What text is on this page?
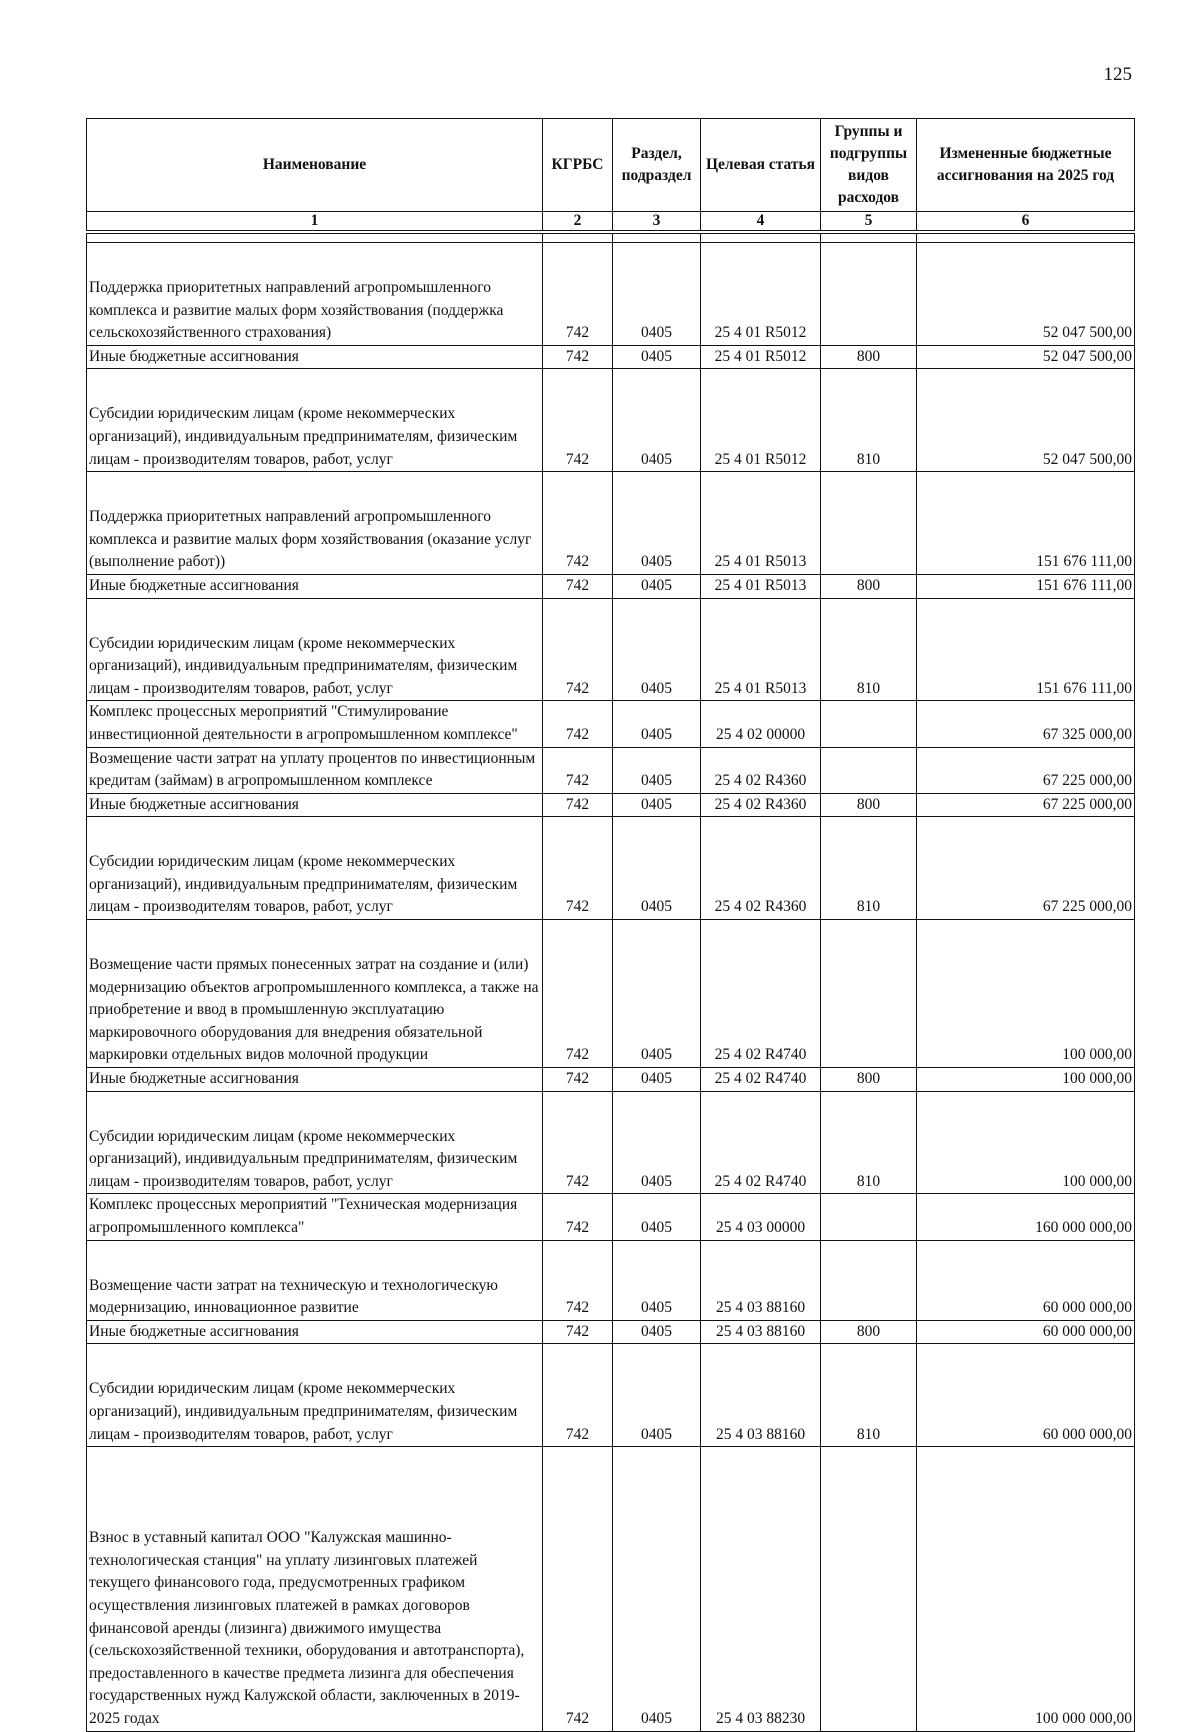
125
Наименование	КГРБС	Раздел, подраздел	Целевая статья	Группы и подгруппы видов расходов	Измененные бюджетные ассигнования на 2025 год
1	2	3	4	5	6

Поддержка приоритетных направлений агропромышленного комплекса и развитие малых форм хозяйствования (поддержка сельскохозяйственного страхования)	742	0405	25 4 01 R5012		52 047 500,00
Иные бюджетные ассигнования	742	0405	25 4 01 R5012	800	52 047 500,00
Субсидии юридическим лицам (кроме некоммерческих организаций), индивидуальным предпринимателям, физическим лицам - производителям товаров, работ, услуг	742	0405	25 4 01 R5012	810	52 047 500,00
Поддержка приоритетных направлений агропромышленного комплекса и развитие малых форм хозяйствования (оказание услуг (выполнение работ))	742	0405	25 4 01 R5013		151 676 111,00
Иные бюджетные ассигнования	742	0405	25 4 01 R5013	800	151 676 111,00
Субсидии юридическим лицам (кроме некоммерческих организаций), индивидуальным предпринимателям, физическим лицам - производителям товаров, работ, услуг	742	0405	25 4 01 R5013	810	151 676 111,00
Комплекс процессных мероприятий "Стимулирование инвестиционной деятельности в агропромышленном комплексе"	742	0405	25 4 02 00000		67 325 000,00
Возмещение части затрат на уплату процентов по инвестиционным кредитам (займам) в агропромышленном комплексе	742	0405	25 4 02 R4360		67 225 000,00
Иные бюджетные ассигнования	742	0405	25 4 02 R4360	800	67 225 000,00
Субсидии юридическим лицам (кроме некоммерческих организаций), индивидуальным предпринимателям, физическим лицам - производителям товаров, работ, услуг	742	0405	25 4 02 R4360	810	67 225 000,00
Возмещение части прямых понесенных затрат на создание и (или) модернизацию объектов агропромышленного комплекса, а также на приобретение и ввод в промышленную эксплуатацию маркировочного оборудования для внедрения обязательной маркировки отдельных видов молочной продукции	742	0405	25 4 02 R4740		100 000,00
Иные бюджетные ассигнования	742	0405	25 4 02 R4740	800	100 000,00
Субсидии юридическим лицам (кроме некоммерческих организаций), индивидуальным предпринимателям, физическим лицам - производителям товаров, работ, услуг	742	0405	25 4 02 R4740	810	100 000,00
Комплекс процессных мероприятий "Техническая модернизация агропромышленного комплекса"	742	0405	25 4 03 00000		160 000 000,00
Возмещение части затрат на техническую и технологическую модернизацию, инновационное развитие	742	0405	25 4 03 88160		60 000 000,00
Иные бюджетные ассигнования	742	0405	25 4 03 88160	800	60 000 000,00
Субсидии юридическим лицам (кроме некоммерческих организаций), индивидуальным предпринимателям, физическим лицам - производителям товаров, работ, услуг	742	0405	25 4 03 88160	810	60 000 000,00
Взнос в уставный капитал ООО "Калужская машинно-технологическая станция" на уплату лизинговых платежей текущего финансового года, предусмотренных графиком осуществления лизинговых платежей в рамках договоров финансовой аренды (лизинга) движимого имущества (сельскохозяйственной техники, оборудования и автотранспорта), предоставленного в качестве предмета лизинга для обеспечения государственных нужд Калужской области, заключенных в 2019-2025 годах	742	0405	25 4 03 88230		100 000 000,00
